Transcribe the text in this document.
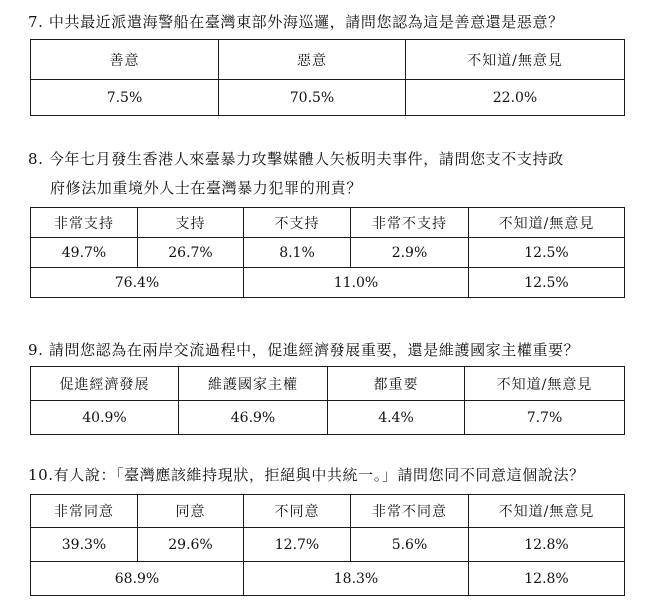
7. 中共最近派遣海警船在臺灣東部外海巡邏，請問您認為這是善意還是惡意？

善意	惡意	不知道/無意見
7.5%	70.5%	22.0%

8. 今年七月發生香港人來臺暴力攻擊媒體人矢板明夫事件，請問您支不支持政

府修法加重境外人士在臺灣暴力犯罪的刑責？

非常支持	支持	不支持	非常不支持	不知道/無意見
49.7%	26.7%	8.1%	2.9%	12.5%
76.4%		11.0%		12.5%

9. 請問您認為在兩岸交流過程中，促進經濟發展重要，還是維護國家主權重要？

促進經濟發展	維護國家主權	都重要	不知道/無意見
40.9%	46.9%	4.4%	7.7%

10.有人說：「臺灣應該維持現狀，拒絕與中共統一。」請問您同不同意這個說法？

非常同意	同意	不同意	非常不同意	不知道/無意見
39.3%	29.6%	12.7%	5.6%	12.8%
68.9%		18.3%		12.8%
